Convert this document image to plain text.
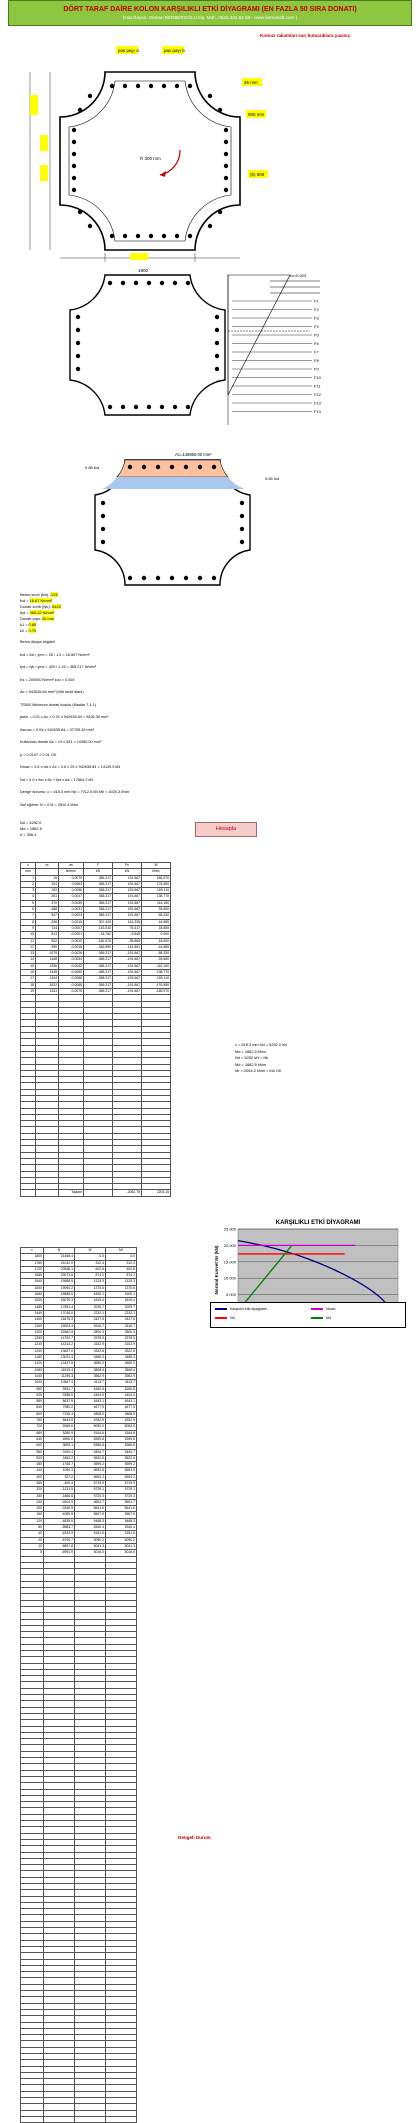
DÖRT TARAF DAİRE KOLON KARŞILIKLI ETKİ DİYAGRAMI (EN FAZLA 50 SIRA DONATI)
(Hazırlayan: Osman BERBEROĞLU İnş. Müh. 0532 404 62 60 - www.bernasoft.com )
Kırmızı rakamları sarı kutucuklara yazınız.
pas payı a	pas payı b
45 mm
900 mm
(b) 600
R 300 mm
1800
F1
F2
F3
F4
F5
F6
F7
F8
F9
F10
F11
F12
F13
F14
εc=0.003
Ac=145950.00 mm²
0.85 fcd
0.85 fcd
Beton sınıfı (fck): C25
fcd = 16.67 N/mm²
Donatı sınıfı (fyk): S420
fyd = 365.22 N/mm²
Donatı çapı: 26 mm
k1 = 0.85
k2 = 0.70
Beton dizayn bilgileri
fcd = fck / γmc = 25 / 1.5 = 16.667 N/mm²
fyd = fyk / γms = 420 / 1.15 = 365.217 N/mm²
Es = 200000 N/mm² εcu = 0.003
Ac = 942635.84 mm² (brüt kesit alanı)
TS500 Minimum donatı koşulu (Madde 7.4.1)
ρmin = 0.01 x Ac = 0.01 x 942635.84 = 9426.36 mm²
Asmax = 0.04 x 942635.84 = 37705.43 mm²
Kullanılan donatı As = 19 x 531 = 10089.00 mm²
ρ = 0.0107 > 0.01 OK
Nmax = 0.6 x fck x Ac = 0.6 x 25 x 942635.84 = 14139.5 kN
Nd = 0.9 x fcd x Ac + fyd x As = 17864.2 kN
Denge durumu: c = 618.3 mm Nb = 7012.5 kN Mb = 4020.3 kNm
Saf eğilme: N = 0 M = 2810.4 kNm
Hesapla
Nd = 5252.0
Md = 1882.5
e = 358.4
c	εs	σs	F	Fs	M
mm		N/mm²	kN	kN	kNm
1	15	0.0070	365.217	191.667	185.970
2	104	0.0063	365.217	191.667	176.580
3	192	0.0056	365.217	191.667	159.110
4	281	0.0047	365.217	191.667	138.770
5	370	0.0039	365.217	191.667	116.160
6	458	0.0031	365.217	191.667	93.560
7	547	0.0023	365.217	191.667	68.330
8	636	0.0015	307.420	161.335	44.680
9	724	0.0007	143.510	75.317	18.650
10	813	-0.0001	-18.760	-9.845	0.000
11	902	-0.0010	-182.670	-95.868	-18.650
12	990	-0.0018	-346.590	-181.891	-44.680
13	1079	-0.0026	-365.217	-191.667	-68.330
14	1168	-0.0034	-365.217	-191.667	-93.560
15	1256	-0.0042	-365.217	-191.667	-116.160
16	1345	-0.0050	-365.217	-191.667	-138.770
17	1434	-0.0058	-365.217	-191.667	-159.110
18	1522	-0.0066	-365.217	-191.667	-176.580
19	1611	-0.0075	-365.217	-191.667	-185.970

		Toplam		-2062.75	2203.15
c = 618.3 mm Nd = 5252.0 kN
Md = 1882.5 kNm
Nd = 5252 kN > Nb
Md = 1882.5 kNm
Mr = 2054.2 kNm > Md OK
c	N	M	Mr
1800	21468.4	0.0	0.0
1760	21012.5	312.4	312.4
1720	20548.1	602.8	602.8
1680	20073.6	874.2	874.2
1640	19588.9	1129.3	1129.3
1600	19094.2	1370.6	1370.6
1560	18589.6	1600.1	1600.1
1520	18075.3	1819.4	1819.4
1480	17551.4	2029.7	2029.7
1440	17018.0	2232.1	2232.1
1400	16475.3	2427.5	2427.5
1360	15923.4	2616.7	2616.7
1320	15362.5	2800.3	2800.3
1280	14792.7	2978.9	2978.9
1240	14214.2	3152.9	3152.9
1200	13627.0	3322.6	3322.6
1160	13031.4	3488.3	3488.3
1120	12427.5	3650.2	3650.2
1080	11815.4	3808.4	3808.4
1040	11195.3	3962.9	3962.9
1000	10567.4	4113.7	4113.7
960	9931.7	4260.8	4260.8
920	9288.5	4404.0	4404.0
880	8637.9	4543.1	4543.1
840	7980.2	4677.9	4677.9
800	7315.4	4808.0	4808.0
760	6643.8	4932.9	4932.9
720	5965.6	5052.0	5052.0
680	5280.9	5164.6	5164.6
640	4590.0	5269.8	5269.8
600	3893.1	5366.8	5366.8
560	3190.4	5454.7	5454.7
520	2482.2	5532.5	5532.5
480	1768.7	5599.2	5599.2
440	1050.3	5653.5	5653.5
400	327.2	5694.2	5694.2
360	-400.4	5719.9	5719.9
320	-1131.9	5729.1	5729.1
280	-1866.8	5720.3	5720.3
240	-2604.9	5691.7	5691.7
200	-3345.9	5641.6	5641.6
160	-4089.5	5567.9	5567.9
120	-4835.5	5468.3	5468.3
80	-5583.7	5340.4	5340.4
40	-6333.9	5181.6	5181.6
20	-6709.7	5090.2	5090.2
10	-6897.8	5041.3	5041.3
5	-6991.9	5016.0	5016.0

KARŞILIKLI ETKİ DİYAGRAMI
5.000
10.000
15.000
20.000
25.000
Normal Kuvvet Nr (kN)
Karşılıklı etki diyagramı	Nmax
Nd	Md
Dengeli Durum
